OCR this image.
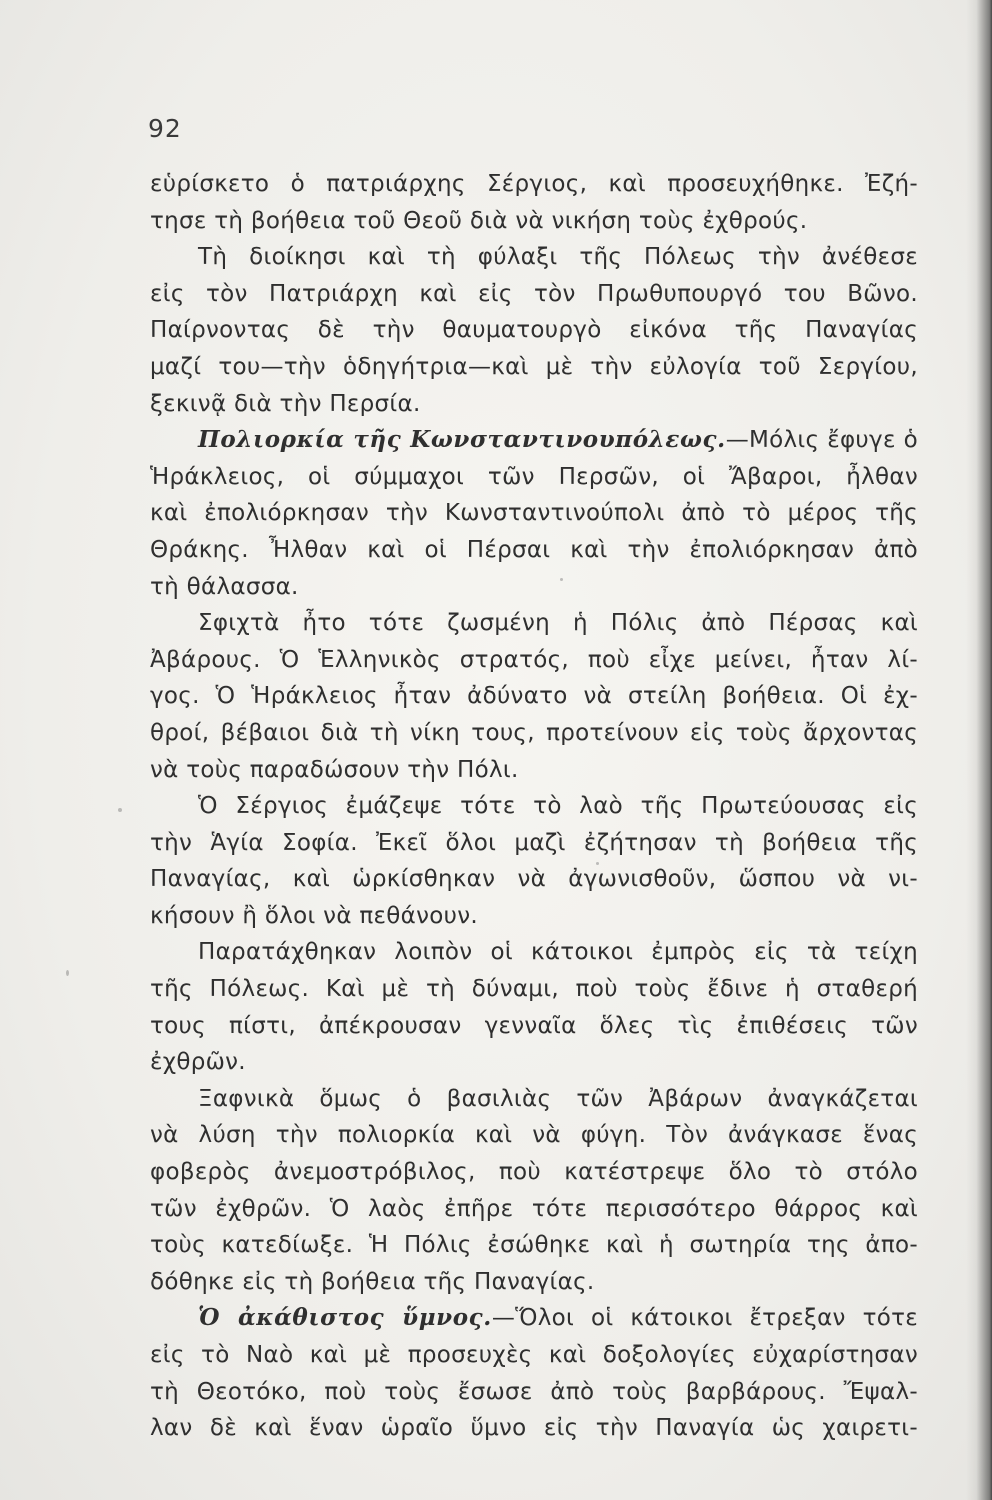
92
εὑρίσκετο ὁ πατριάρχης Σέργιος, καὶ προσευχήθηκε. Ἐζή-
τησε τὴ βοήθεια τοῦ Θεοῦ διὰ νὰ νικήση τοὺς ἐχθρούς.
Τὴ διοίκησι καὶ τὴ φύλαξι τῆς Πόλεως τὴν ἀνέθεσε
εἰς τὸν Πατριάρχη καὶ εἰς τὸν Πρωθυπουργό του Βῶνο.
Παίρνοντας δὲ τὴν θαυματουργὸ εἰκόνα τῆς Παναγίας
μαζί του—τὴν ὁδηγήτρια—καὶ μὲ τὴν εὐλογία τοῦ Σεργίου,
ξεκινᾷ διὰ τὴν Περσία.
Πολιορκία τῆς Κωνσταντινουπόλεως.—Μόλις ἔφυγε ὁ
Ἡράκλειος, οἱ σύμμαχοι τῶν Περσῶν, οἱ Ἄβαροι, ἦλθαν
καὶ ἐπολιόρκησαν τὴν Κωνσταντινούπολι ἀπὸ τὸ μέρος τῆς
Θράκης. Ἦλθαν καὶ οἱ Πέρσαι καὶ τὴν ἐπολιόρκησαν ἀπὸ
τὴ θάλασσα.
Σφιχτὰ ἦτο τότε ζωσμένη ἡ Πόλις ἀπὸ Πέρσας καὶ
Ἀβάρους. Ὁ Ἑλληνικὸς στρατός, ποὺ εἶχε μείνει, ἦταν λί-
γος. Ὁ Ἡράκλειος ἦταν ἀδύνατο νὰ στείλη βοήθεια. Οἱ ἐχ-
θροί, βέβαιοι διὰ τὴ νίκη τους, προτείνουν εἰς τοὺς ἄρχοντας
νὰ τοὺς παραδώσουν τὴν Πόλι.
Ὁ Σέργιος ἐμάζεψε τότε τὸ λαὸ τῆς Πρωτεύουσας εἰς
τὴν Ἁγία Σοφία. Ἐκεῖ ὅλοι μαζὶ ἐζήτησαν τὴ βοήθεια τῆς
Παναγίας, καὶ ὡρκίσθηκαν νὰ ἀγωνισθοῦν, ὥσπου νὰ νι-
κήσουν ἢ ὅλοι νὰ πεθάνουν.
Παρατάχθηκαν λοιπὸν οἱ κάτοικοι ἐμπρὸς εἰς τὰ τείχη
τῆς Πόλεως. Καὶ μὲ τὴ δύναμι, ποὺ τοὺς ἔδινε ἡ σταθερή
τους πίστι, ἀπέκρουσαν γενναῖα ὅλες τὶς ἐπιθέσεις τῶν
ἐχθρῶν.
Ξαφνικὰ ὅμως ὁ βασιλιὰς τῶν Ἀβάρων ἀναγκάζεται
νὰ λύση τὴν πολιορκία καὶ νὰ φύγη. Τὸν ἀνάγκασε ἕνας
φοβερὸς ἀνεμοστρόβιλος, ποὺ κατέστρεψε ὅλο τὸ στόλο
τῶν ἐχθρῶν. Ὁ λαὸς ἐπῆρε τότε περισσότερο θάρρος καὶ
τοὺς κατεδίωξε. Ἡ Πόλις ἐσώθηκε καὶ ἡ σωτηρία της ἀπο-
δόθηκε εἰς τὴ βοήθεια τῆς Παναγίας.
Ὁ ἀκάθιστος ὕμνος.—Ὅλοι οἱ κάτοικοι ἔτρεξαν τότε
εἰς τὸ Ναὸ καὶ μὲ προσευχὲς καὶ δοξολογίες εὐχαρίστησαν
τὴ Θεοτόκο, ποὺ τοὺς ἔσωσε ἀπὸ τοὺς βαρβάρους. Ἔψαλ-
λαν δὲ καὶ ἕναν ὡραῖο ὕμνο εἰς τὴν Παναγία ὡς χαιρετι-
